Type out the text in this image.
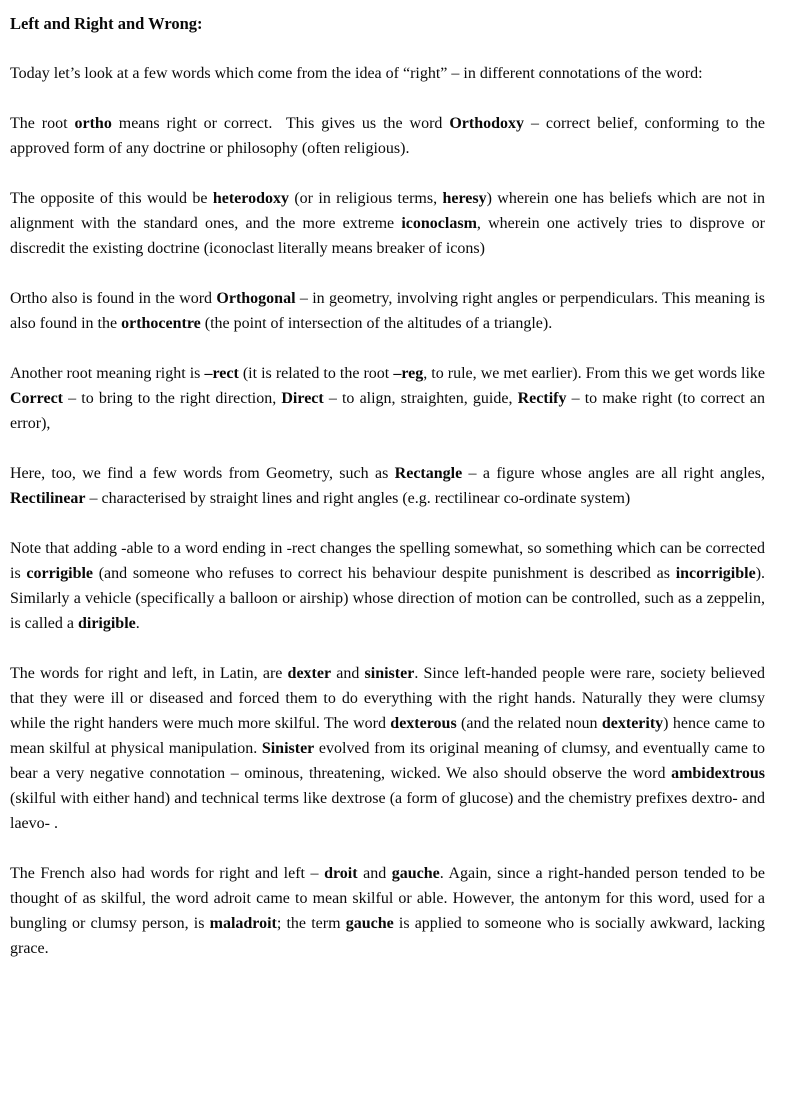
Left and Right and Wrong:

Today let’s look at a few words which come from the idea of “right” – in different connotations of the word:

The root ortho means right or correct.  This gives us the word Orthodoxy – correct belief, conforming to the approved form of any doctrine or philosophy (often religious).

The opposite of this would be heterodoxy (or in religious terms, heresy) wherein one has beliefs which are not in alignment with the standard ones, and the more extreme iconoclasm, wherein one actively tries to disprove or discredit the existing doctrine (iconoclast literally means breaker of icons)

Ortho also is found in the word Orthogonal – in geometry, involving right angles or perpendiculars. This meaning is also found in the orthocentre (the point of intersection of the altitudes of a triangle).

Another root meaning right is –rect (it is related to the root –reg, to rule, we met earlier). From this we get words like Correct – to bring to the right direction, Direct – to align, straighten, guide, Rectify – to make right (to correct an error),

Here, too, we find a few words from Geometry, such as Rectangle – a figure whose angles are all right angles, Rectilinear – characterised by straight lines and right angles (e.g. rectilinear co-ordinate system)

Note that adding -able to a word ending in -rect changes the spelling somewhat, so something which can be corrected is corrigible (and someone who refuses to correct his behaviour despite punishment is described as incorrigible). Similarly a vehicle (specifically a balloon or airship) whose direction of motion can be controlled, such as a zeppelin, is called a dirigible.

The words for right and left, in Latin, are dexter and sinister. Since left-handed people were rare, society believed that they were ill or diseased and forced them to do everything with the right hands. Naturally they were clumsy while the right handers were much more skilful. The word dexterous (and the related noun dexterity) hence came to mean skilful at physical manipulation. Sinister evolved from its original meaning of clumsy, and eventually came to bear a very negative connotation – ominous, threatening, wicked. We also should observe the word ambidextrous (skilful with either hand) and technical terms like dextrose (a form of glucose) and the chemistry prefixes dextro- and laevo- .

The French also had words for right and left – droit and gauche. Again, since a right-handed person tended to be thought of as skilful, the word adroit came to mean skilful or able. However, the antonym for this word, used for a bungling or clumsy person, is maladroit; the term gauche is applied to someone who is socially awkward, lacking grace.
